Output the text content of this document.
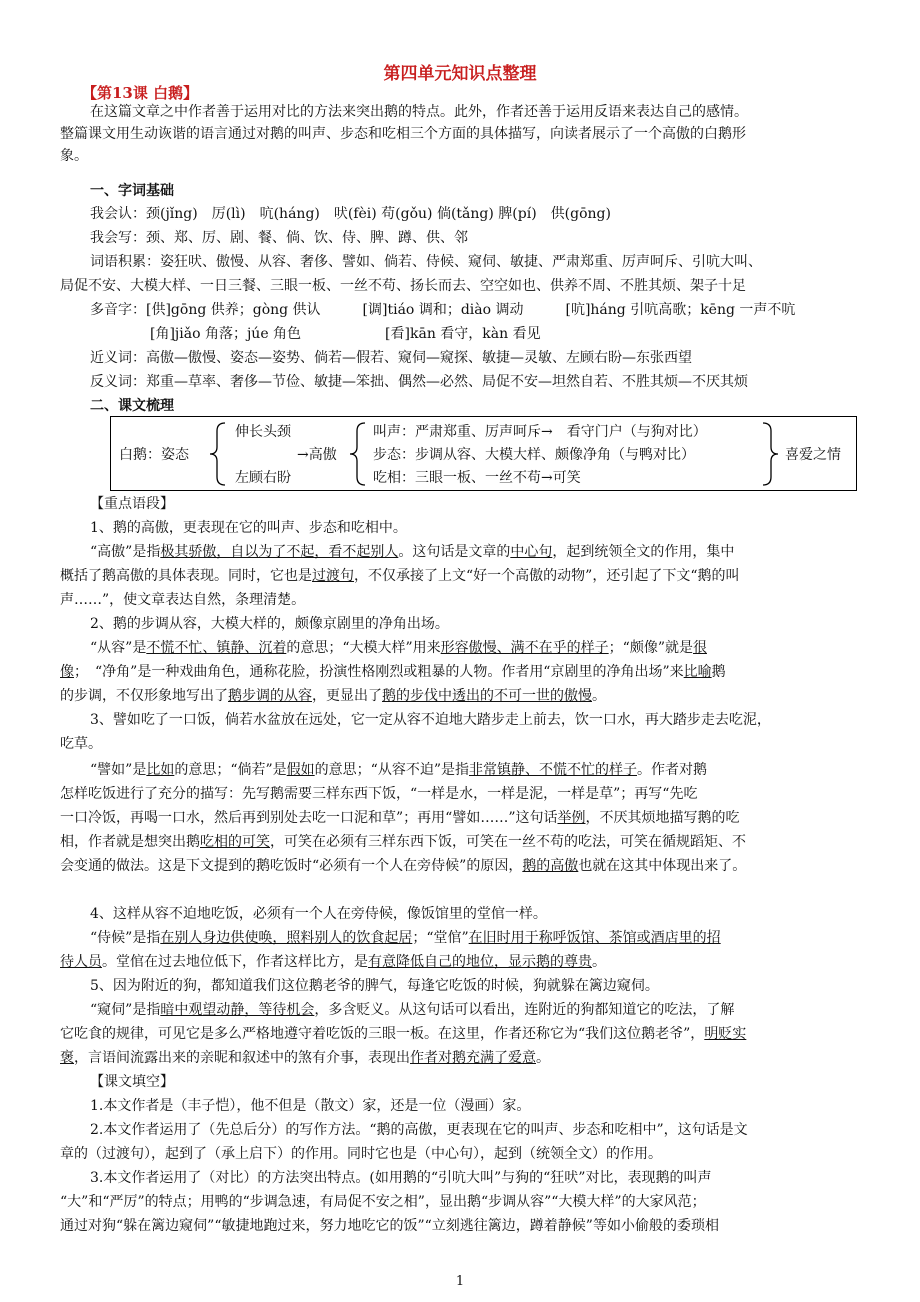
第四单元知识点整理
【第13课 白鹅】
在这篇文章之中作者善于运用对比的方法来突出鹅的特点。此外，作者还善于运用反语来表达自己的感情。
整篇课文用生动诙谐的语言通过对鹅的叫声、步态和吃相三个方面的具体描写，向读者展示了一个高傲的白鹅形
象。
一、字词基础
我会认：颈(jǐng)　厉(lì)　吭(háng)　吠(fèi) 苟(gǒu) 倘(tǎng) 脾(pí)　供(gōng)
我会写：颈、郑、厉、剧、餐、倘、饮、侍、脾、蹲、供、邻
词语积累：姿狂吠、傲慢、从容、奢侈、譬如、倘若、侍候、窥伺、敏捷、严肃郑重、厉声呵斥、引吭大叫、
局促不安、大模大样、一日三餐、三眼一板、一丝不苟、扬长而去、空空如也、供养不周、不胜其烦、架子十足
多音字：[供]gōng 供养；gòng 供认　　　[调]tiáo 调和；diào 调动　　　[吭]háng 引吭高歌；kēng 一声不吭
[角]jiǎo 角落；júe 角色　　　　　　[看]kān 看守，kàn 看见
近义词：高傲—傲慢、姿态—姿势、倘若—假若、窥伺—窥探、敏捷—灵敏、左顾右盼—东张西望
反义词：郑重—草率、奢侈—节俭、敏捷—笨拙、偶然—必然、局促不安—坦然自若、不胜其烦—不厌其烦
二、课文梳理
白鹅：姿态
伸长头颈
左顾右盼
→高傲
叫声：严肃郑重、厉声呵斥→　看守门户（与狗对比）
步态：步调从容、大模大样、颇像净角（与鸭对比）
吃相：三眼一板、一丝不苟→可笑
喜爱之情
【重点语段】
1、鹅的高傲，更表现在它的叫声、步态和吃相中。
“高傲”是指极其骄傲，自以为了不起，看不起别人。这句话是文章的中心句，起到统领全文的作用，集中
概括了鹅高傲的具体表现。同时，它也是过渡句，不仅承接了上文“好一个高傲的动物”，还引起了下文“鹅的叫
声……”，使文章表达自然，条理清楚。
2、鹅的步调从容，大模大样的，颇像京剧里的净角出场。
“从容”是不慌不忙、镇静、沉着的意思；“大模大样”用来形容傲慢、满不在乎的样子；“颇像”就是很
像；　“净角”是一种戏曲角色，通称花脸，扮演性格刚烈或粗暴的人物。作者用“京剧里的净角出场”来比喻鹅
的步调，不仅形象地写出了鹅步调的从容，更显出了鹅的步伐中透出的不可一世的傲慢。
3、譬如吃了一口饭，倘若水盆放在远处，它一定从容不迫地大踏步走上前去，饮一口水，再大踏步走去吃泥，
吃草。
“譬如”是比如的意思；“倘若”是假如的意思；“从容不迫”是指非常镇静、不慌不忙的样子。作者对鹅
怎样吃饭进行了充分的描写：先写鹅需要三样东西下饭，“一样是水，一样是泥，一样是草”；再写“先吃
一口冷饭，再喝一口水，然后再到别处去吃一口泥和草”；再用“譬如……”这句话举例，不厌其烦地描写鹅的吃
相，作者就是想突出鹅吃相的可笑，可笑在必须有三样东西下饭，可笑在一丝不苟的吃法，可笑在循规蹈矩、不
会变通的做法。这是下文提到的鹅吃饭时“必须有一个人在旁侍候”的原因，鹅的高傲也就在这其中体现出来了。
4、这样从容不迫地吃饭，必须有一个人在旁侍候，像饭馆里的堂倌一样。
“侍候”是指在别人身边供使唤，照料别人的饮食起居；“堂倌”在旧时用于称呼饭馆、茶馆或酒店里的招
待人员。堂倌在过去地位低下，作者这样比方，是有意降低自己的地位，显示鹅的尊贵。
5、因为附近的狗，都知道我们这位鹅老爷的脾气，每逢它吃饭的时候，狗就躲在篱边窥伺。
“窥伺”是指暗中观望动静，等待机会，多含贬义。从这句话可以看出，连附近的狗都知道它的吃法，了解
它吃食的规律，可见它是多么严格地遵守着吃饭的三眼一板。在这里，作者还称它为“我们这位鹅老爷”，明贬实
褒，言语间流露出来的亲昵和叙述中的煞有介事，表现出作者对鹅充满了爱意。
【课文填空】
1.本文作者是（丰子恺），他不但是（散文）家，还是一位（漫画）家。
2.本文作者运用了（先总后分）的写作方法。“鹅的高傲，更表现在它的叫声、步态和吃相中”，这句话是文
章的（过渡句），起到了（承上启下）的作用。同时它也是（中心句），起到（统领全文）的作用。
3.本文作者运用了（对比）的方法突出特点。(如用鹅的“引吭大叫”与狗的“狂吠”对比，表现鹅的叫声
“大”和“严厉”的特点；用鸭的“步调急速，有局促不安之相”，显出鹅“步调从容”“大模大样”的大家风范；
通过对狗“躲在篱边窥伺”“敏捷地跑过来，努力地吃它的饭”“立刻逃往篱边，蹲着静候”等如小偷般的委琐相
1
